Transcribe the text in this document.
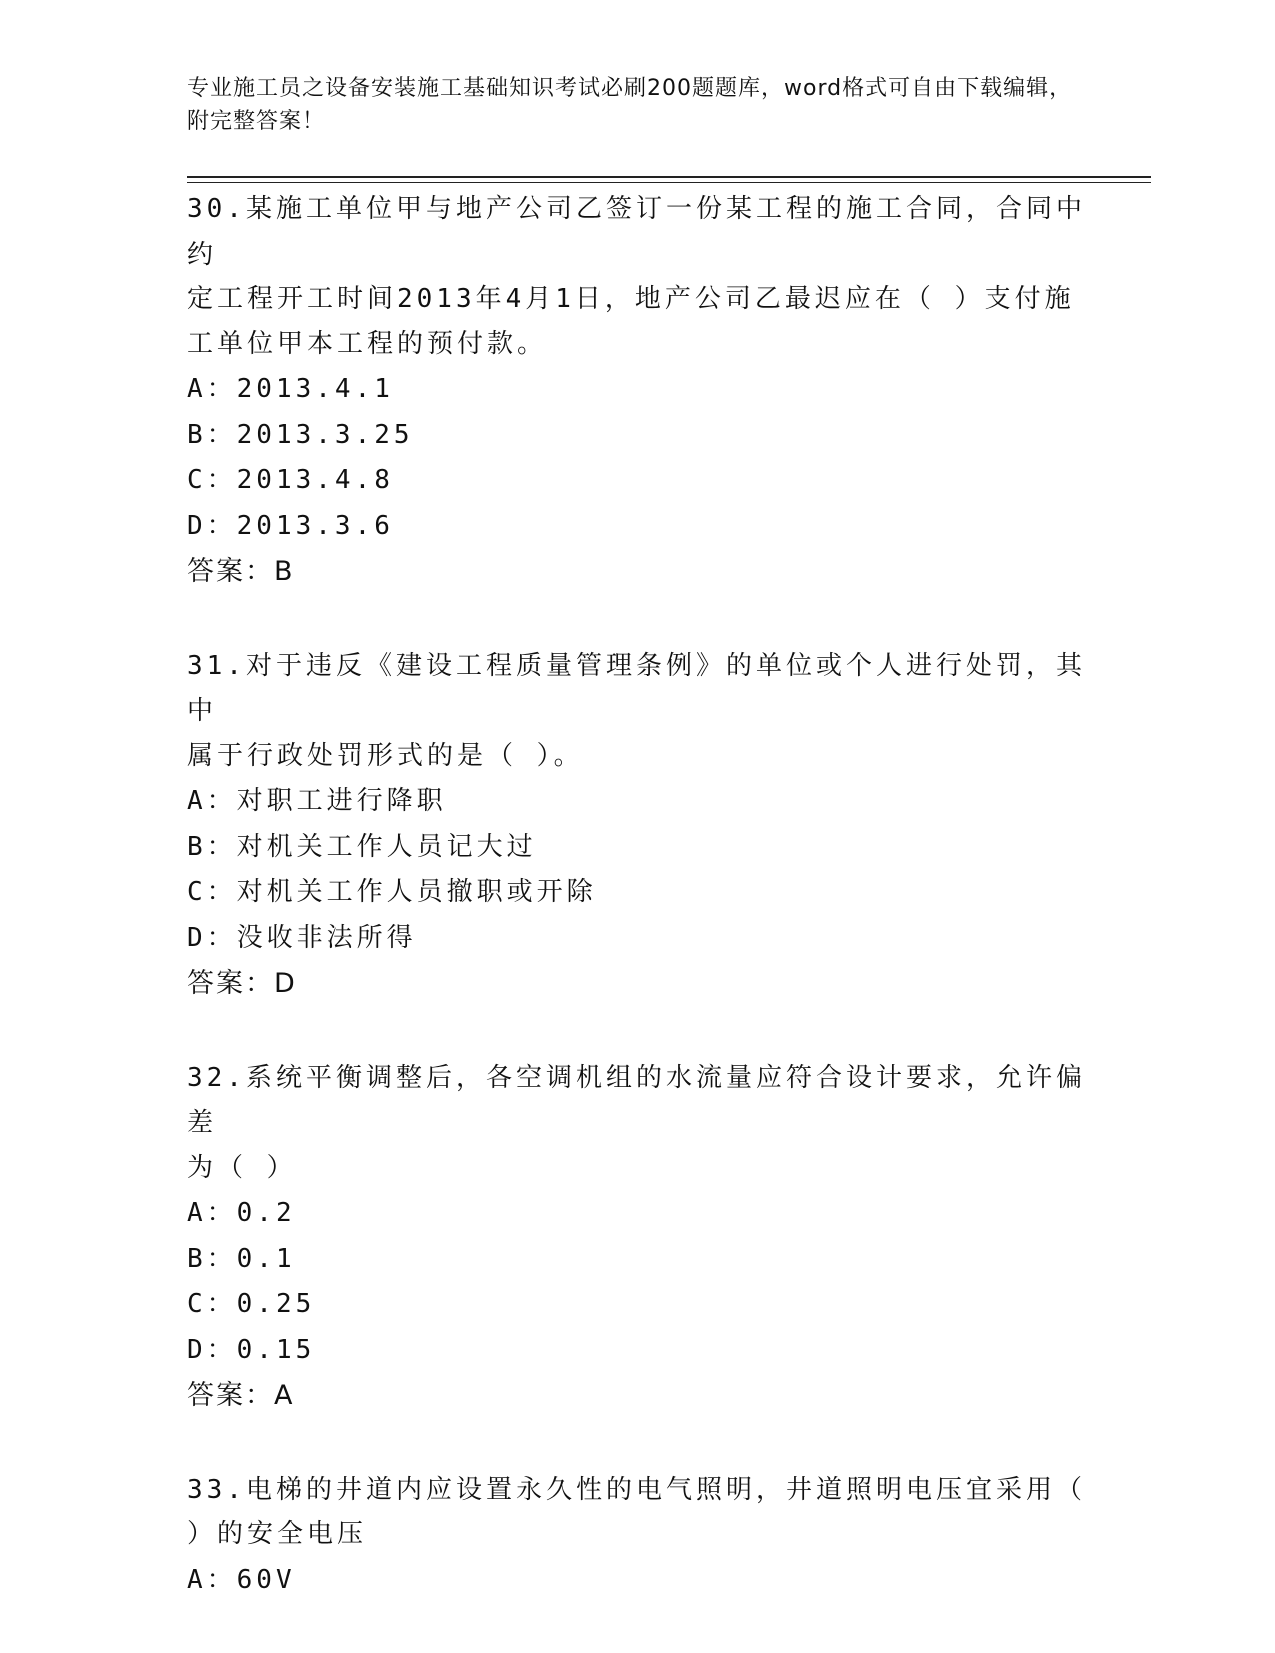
专业施工员之设备安装施工基础知识考试必刷200题题库，word格式可自由下载编辑，附完整答案！
30.某施工单位甲与地产公司乙签订一份某工程的施工合同，合同中约
定工程开工时间2013年4月1日，地产公司乙最迟应在（ ）支付施
工单位甲本工程的预付款。
A：2013.4.1
B：2013.3.25
C：2013.4.8
D：2013.3.6
答案：B
31.对于违反《建设工程质量管理条例》的单位或个人进行处罚，其中
属于行政处罚形式的是（ ）。
A：对职工进行降职
B：对机关工作人员记大过
C：对机关工作人员撤职或开除
D：没收非法所得
答案：D
32.系统平衡调整后，各空调机组的水流量应符合设计要求，允许偏差
为（ ）
A：0.2
B：0.1
C：0.25
D：0.15
答案：A
33.电梯的井道内应设置永久性的电气照明，井道照明电压宜采用（
）的安全电压
A：60V
